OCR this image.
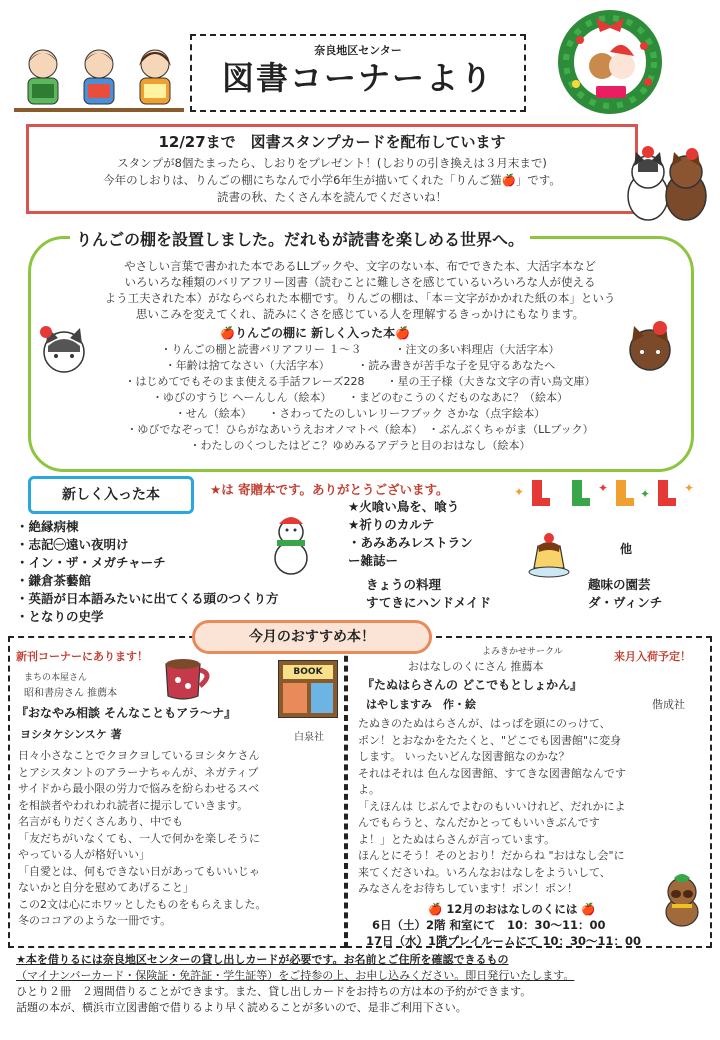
奈良地区センター
図書コーナーより
12/27まで　図書スタンプカードを配布しています
スタンプが8個たまったら、しおりをプレゼント！(しおりの引き換えは３月末まで)
今年のしおりは、りんごの棚にちなんで小学6年生が描いてくれた「りんご猫🍎」です。
読書の秋、たくさん本を読んでくださいね！
りんごの棚を設置しました。だれもが読書を楽しめる世界へ。
やさしい言葉で書かれた本であるLLブックや、文字のない本、布でできた本、大活字本など
いろいろな種類のバリアフリー図書（読むことに難しさを感じているいろいろな人が使える
よう工夫された本）がならべられた本棚です。りんごの棚は、「本＝文字がかかれた紙の本」という
思いこみを変えてくれ、読みにくさを感じている人を理解するきっかけにもなります。
🍎りんごの棚に 新しく入った本🍎
・りんごの棚と読書バリアフリー １～３　　　・注文の多い料理店（大活字本）
・年齢は捨てなさい（大活字本）　　　・読み書きが苦手な子を見守るあなたへ
・はじめてでもそのまま使える手話フレーズ228　　・星の王子様（大きな文字の青い鳥文庫）
・ゆびのすうじ へーんしん（絵本）　　・まどのむこうのくだものなあに？（絵本）
・せん（絵本）　　・さわってたのしいレリーフブック さかな（点字絵本）
・ゆびでなぞって！ひらがなあいうえおオノマトペ（絵本）　・ぶんぶくちゃがま（LLブック）
・わたしのくつしたはどこ？ゆめみるアデラと目のおはなし（絵本）
新しく入った本	★は 寄贈本です。ありがとうございます。	✦	✦	✦	✦
・絶縁病棟
・志記㊀遠い夜明け
・イン・ザ・メガチャーチ
・鎌倉茶藝館
・英語が日本語みたいに出てくる頭のつくり方
・となりの史学
★火喰い鳥を、喰う
★祈りのカルテ
・あみあみレストラン
ー雑誌ー
他
きょうの料理
すてきにハンドメイド
趣味の園芸
ダ・ヴィンチ
今月のおすすめ本！
新刊コーナーにあります！
まちの本屋さん
昭和書房さん 推薦本
『おなやみ相談 そんなこともアラ～ナ』
ヨシタケシンスケ 著	白泉社
BOOK
日々小さなことでクヨクヨしているヨシタケさん
とアシスタントのアラーナちゃんが、ネガティブ
サイドから最小限の労力で悩みを紛らわせるスベ
を相談者やわれわれ読者に提示していきます。
名言がもりだくさんあり、中でも
「友だちがいなくても、一人で何かを楽しそうに
やっている人が格好いい」
「自愛とは、何もできない日があってもいいじゃ
ないかと自分を慰めてあげること」
この2文は心にホワッとしたものをもらえました。
冬のココアのような一冊です。
よみきかせサークル
おはなしのくにさん 推薦本
来月入荷予定！
『たぬはらさんの どこでもとしょかん』
はやしますみ　作・絵	偕成社
たぬきのたぬはらさんが、はっぱを頭にのっけて、
ポン！とおなかをたたくと、"どこでも図書館"に変身
します。 いったいどんな図書館なのかな？
それはそれは 色んな図書館、すてきな図書館なんです
よ。
「えほんは じぶんでよむのもいいけれど、だれかによ
んでもらうと、なんだかとってもいいきぶんです
よ！」とたぬはらさんが言っています。
ほんとにそう！そのとおり！だからね "おはなし会"に
来てくださいね。いろんなおはなしをよういして、
みなさんをお待ちしています！ポン！ポン！
🍎 12月のおはなしのくには 🍎
6日（土）2階 和室にて　10：30～11：00
17日（水）1階プレイルームにて 10：30～11：00
★本を借りるには奈良地区センターの貸し出しカードが必要です。お名前とご住所を確認できるもの
（マイナンバーカード・保険証・免許証・学生証等）をご持参の上、お申し込みください。即日発行いたします。
ひとり２冊　２週間借りることができます。また、貸し出しカードをお持ちの方は本の予約ができます。
話題の本が、横浜市立図書館で借りるより早く読めることが多いので、是非ご利用下さい。
